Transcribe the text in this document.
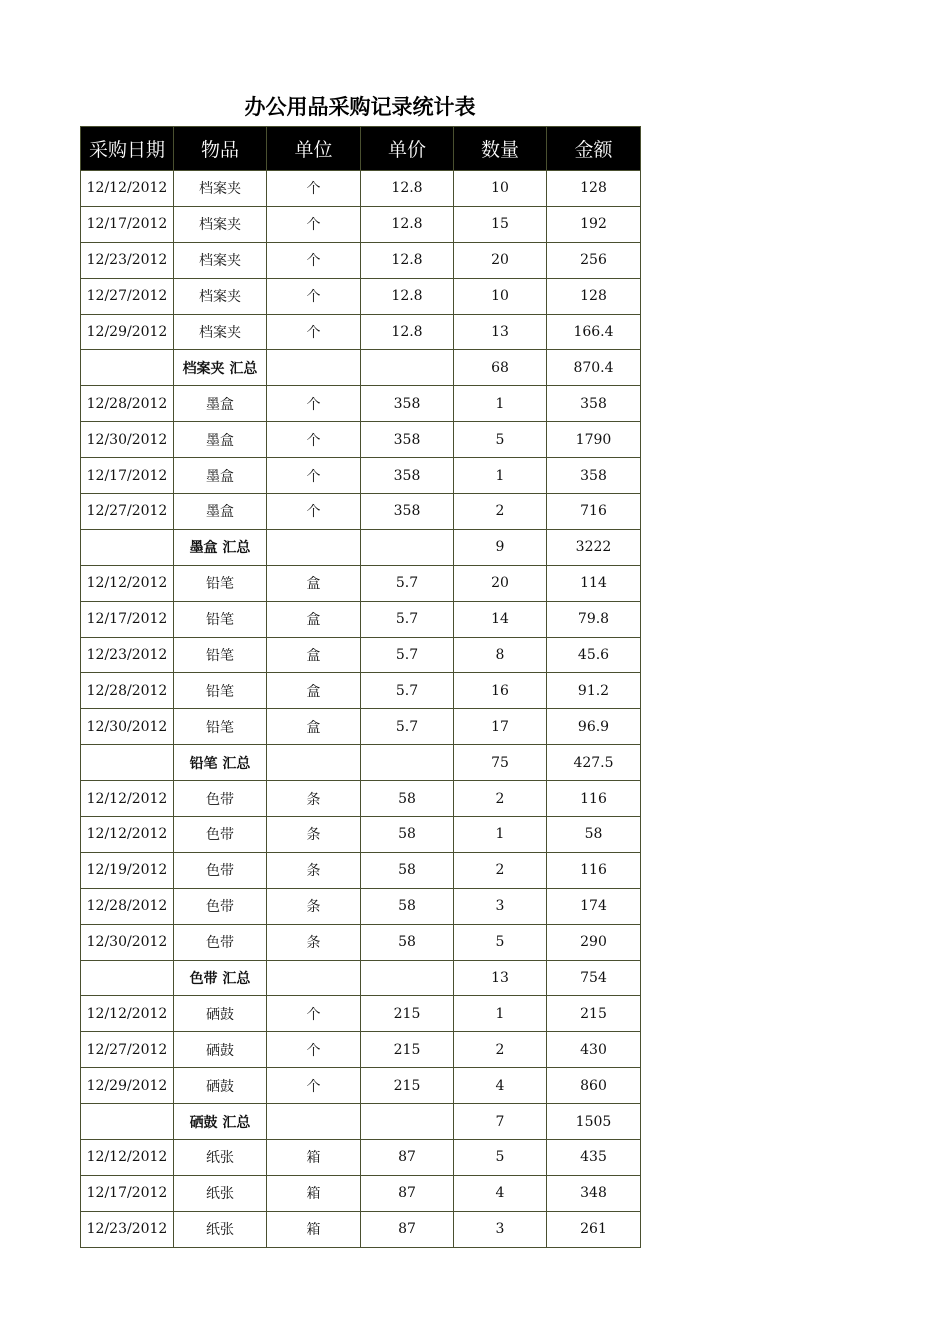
办公用品采购记录统计表
采购日期	物品	单位	单价	数量	金额
12/12/2012	档案夹	个	12.8	10	128
12/17/2012	档案夹	个	12.8	15	192
12/23/2012	档案夹	个	12.8	20	256
12/27/2012	档案夹	个	12.8	10	128
12/29/2012	档案夹	个	12.8	13	166.4
	档案夹 汇总			68	870.4
12/28/2012	墨盒	个	358	1	358
12/30/2012	墨盒	个	358	5	1790
12/17/2012	墨盒	个	358	1	358
12/27/2012	墨盒	个	358	2	716
	墨盒 汇总			9	3222
12/12/2012	铅笔	盒	5.7	20	114
12/17/2012	铅笔	盒	5.7	14	79.8
12/23/2012	铅笔	盒	5.7	8	45.6
12/28/2012	铅笔	盒	5.7	16	91.2
12/30/2012	铅笔	盒	5.7	17	96.9
	铅笔 汇总			75	427.5
12/12/2012	色带	条	58	2	116
12/12/2012	色带	条	58	1	58
12/19/2012	色带	条	58	2	116
12/28/2012	色带	条	58	3	174
12/30/2012	色带	条	58	5	290
	色带 汇总			13	754
12/12/2012	硒鼓	个	215	1	215
12/27/2012	硒鼓	个	215	2	430
12/29/2012	硒鼓	个	215	4	860
	硒鼓 汇总			7	1505
12/12/2012	纸张	箱	87	5	435
12/17/2012	纸张	箱	87	4	348
12/23/2012	纸张	箱	87	3	261
